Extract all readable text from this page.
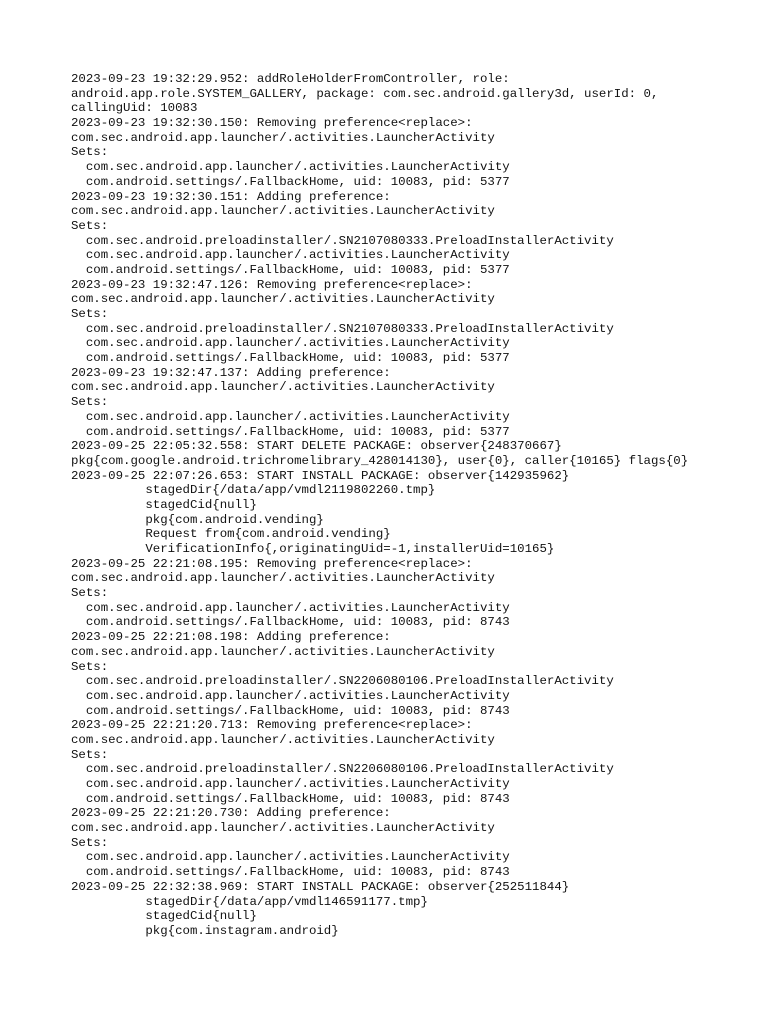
2023-09-23 19:32:29.952: addRoleHolderFromController, role:
android.app.role.SYSTEM_GALLERY, package: com.sec.android.gallery3d, userId: 0,
callingUid: 10083
2023-09-23 19:32:30.150: Removing preference<replace>:
com.sec.android.app.launcher/.activities.LauncherActivity
Sets:
com.sec.android.app.launcher/.activities.LauncherActivity
com.android.settings/.FallbackHome, uid: 10083, pid: 5377
2023-09-23 19:32:30.151: Adding preference:
com.sec.android.app.launcher/.activities.LauncherActivity
Sets:
com.sec.android.preloadinstaller/.SN2107080333.PreloadInstallerActivity
com.sec.android.app.launcher/.activities.LauncherActivity
com.android.settings/.FallbackHome, uid: 10083, pid: 5377
2023-09-23 19:32:47.126: Removing preference<replace>:
com.sec.android.app.launcher/.activities.LauncherActivity
Sets:
com.sec.android.preloadinstaller/.SN2107080333.PreloadInstallerActivity
com.sec.android.app.launcher/.activities.LauncherActivity
com.android.settings/.FallbackHome, uid: 10083, pid: 5377
2023-09-23 19:32:47.137: Adding preference:
com.sec.android.app.launcher/.activities.LauncherActivity
Sets:
com.sec.android.app.launcher/.activities.LauncherActivity
com.android.settings/.FallbackHome, uid: 10083, pid: 5377
2023-09-25 22:05:32.558: START DELETE PACKAGE: observer{248370667}
pkg{com.google.android.trichromelibrary_428014130}, user{0}, caller{10165} flags{0}
2023-09-25 22:07:26.653: START INSTALL PACKAGE: observer{142935962}
stagedDir{/data/app/vmdl2119802260.tmp}
stagedCid{null}
pkg{com.android.vending}
Request from{com.android.vending}
VerificationInfo{,originatingUid=-1,installerUid=10165}
2023-09-25 22:21:08.195: Removing preference<replace>:
com.sec.android.app.launcher/.activities.LauncherActivity
Sets:
com.sec.android.app.launcher/.activities.LauncherActivity
com.android.settings/.FallbackHome, uid: 10083, pid: 8743
2023-09-25 22:21:08.198: Adding preference:
com.sec.android.app.launcher/.activities.LauncherActivity
Sets:
com.sec.android.preloadinstaller/.SN2206080106.PreloadInstallerActivity
com.sec.android.app.launcher/.activities.LauncherActivity
com.android.settings/.FallbackHome, uid: 10083, pid: 8743
2023-09-25 22:21:20.713: Removing preference<replace>:
com.sec.android.app.launcher/.activities.LauncherActivity
Sets:
com.sec.android.preloadinstaller/.SN2206080106.PreloadInstallerActivity
com.sec.android.app.launcher/.activities.LauncherActivity
com.android.settings/.FallbackHome, uid: 10083, pid: 8743
2023-09-25 22:21:20.730: Adding preference:
com.sec.android.app.launcher/.activities.LauncherActivity
Sets:
com.sec.android.app.launcher/.activities.LauncherActivity
com.android.settings/.FallbackHome, uid: 10083, pid: 8743
2023-09-25 22:32:38.969: START INSTALL PACKAGE: observer{252511844}
stagedDir{/data/app/vmdl146591177.tmp}
stagedCid{null}
pkg{com.instagram.android}
